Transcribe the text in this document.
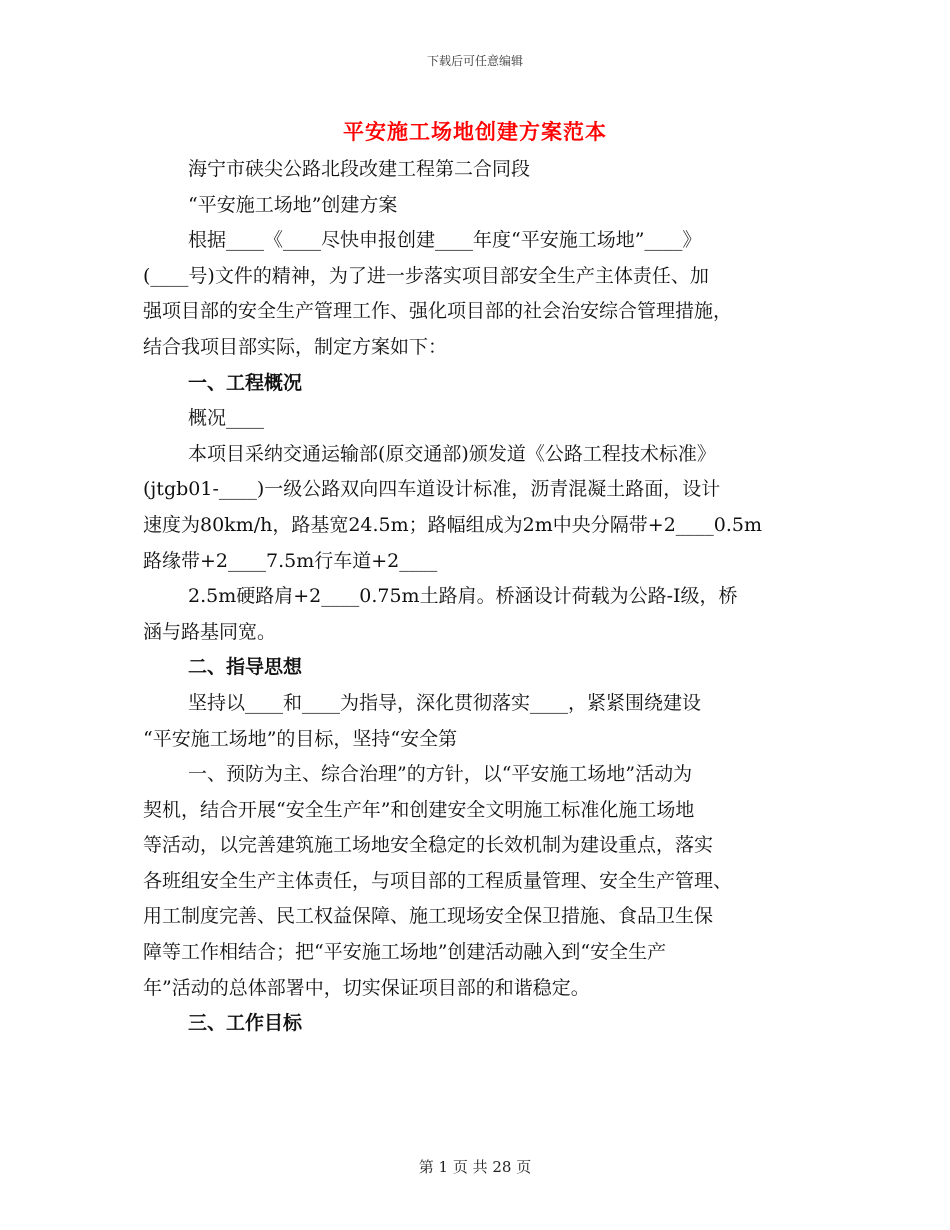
下载后可任意编辑
平安施工场地创建方案范本
海宁市硖尖公路北段改建工程第二合同段
“平安施工场地”创建方案
根据____《____尽快申报创建____年度“平安施工场地”____》
(____号)文件的精神，为了进一步落实项目部安全生产主体责任、加
强项目部的安全生产管理工作、强化项目部的社会治安综合管理措施，
结合我项目部实际，制定方案如下：
一、工程概况
概况____
本项目采纳交通运输部(原交通部)颁发道《公路工程技术标准》
(jtgb01-____)一级公路双向四车道设计标准，沥青混凝土路面，设计
速度为80km/h，路基宽24.5m；路幅组成为2m中央分隔带+2____0.5m
路缘带+2____7.5m行车道+2____
2.5m硬路肩+2____0.75m土路肩。桥涵设计荷载为公路-Ⅰ级，桥
涵与路基同宽。
二、指导思想
坚持以____和____为指导，深化贯彻落实____，紧紧围绕建设
“平安施工场地”的目标，坚持“安全第
一、预防为主、综合治理”的方针，以“平安施工场地”活动为
契机，结合开展“安全生产年”和创建安全文明施工标准化施工场地
等活动，以完善建筑施工场地安全稳定的长效机制为建设重点，落实
各班组安全生产主体责任，与项目部的工程质量管理、安全生产管理、
用工制度完善、民工权益保障、施工现场安全保卫措施、食品卫生保
障等工作相结合；把“平安施工场地”创建活动融入到“安全生产
年”活动的总体部署中，切实保证项目部的和谐稳定。
三、工作目标
第 1 页 共 28 页
